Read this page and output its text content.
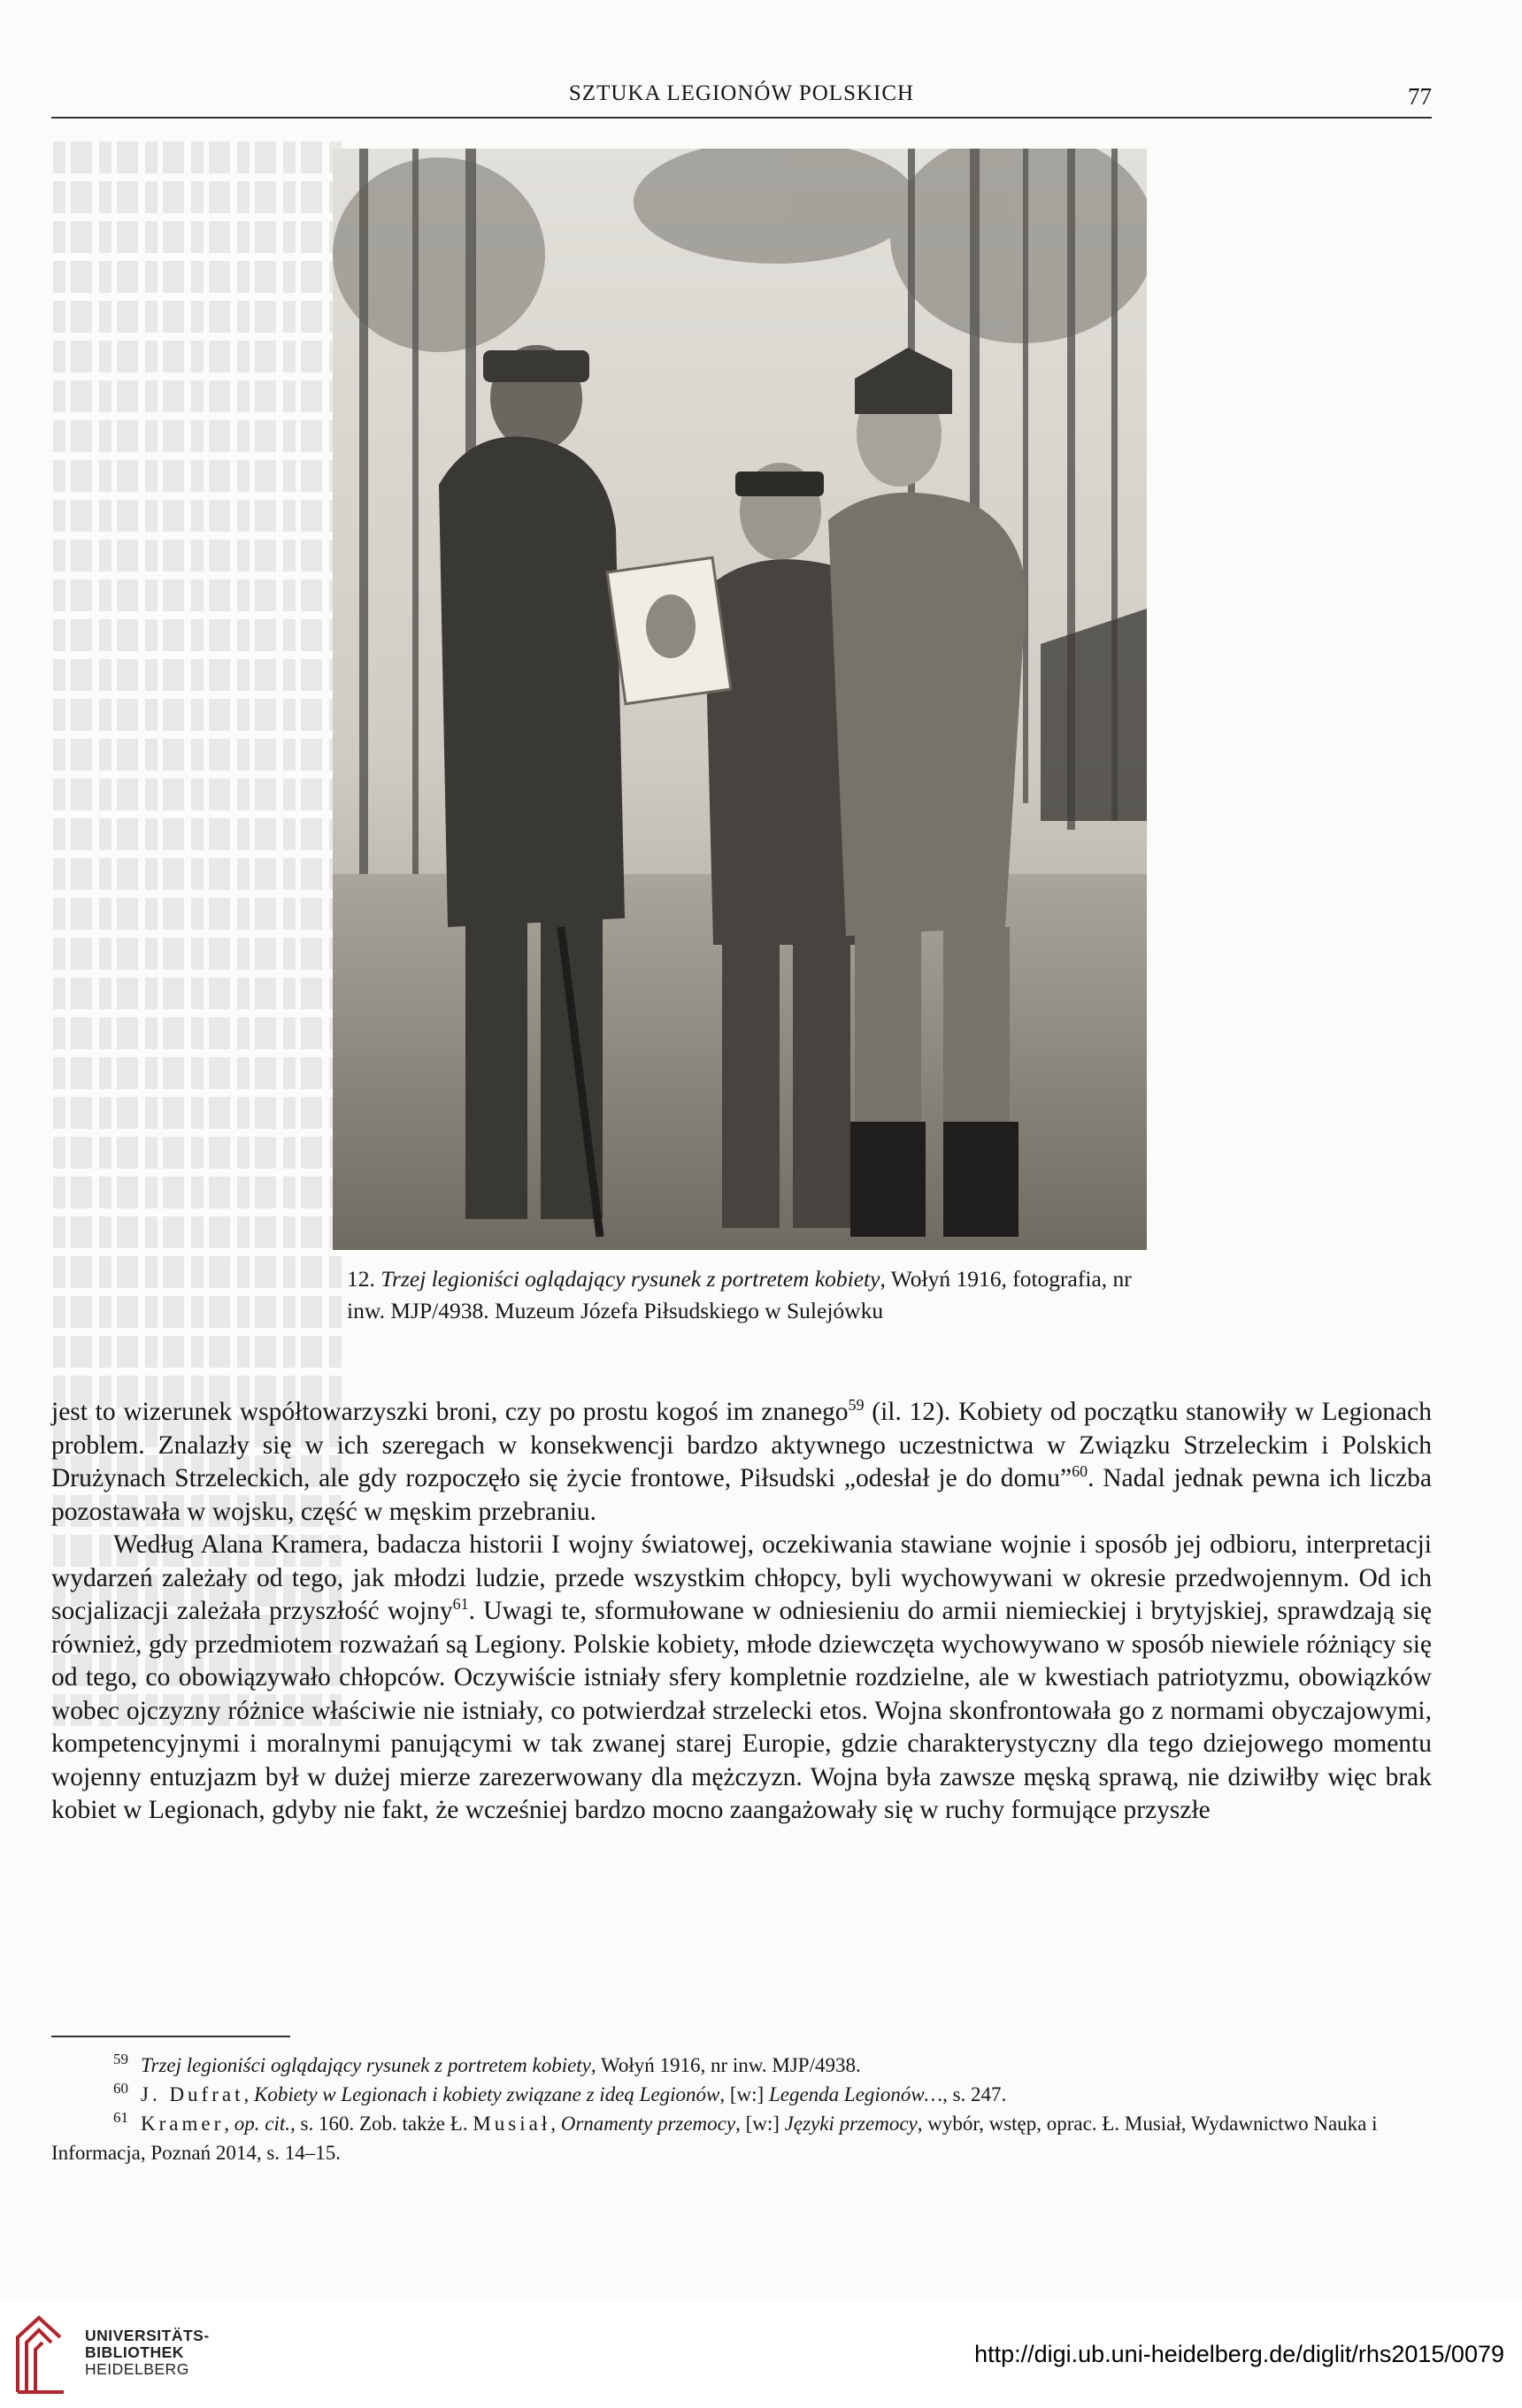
SZTUKA LEGIONÓW POLSKICH	77
12. Trzej legioniści oglądający rysunek z portretem kobiety, Wołyń 1916, fotografia, nr inw. MJP/4938. Muzeum Józefa Piłsudskiego w Sulejówku

jest to wizerunek współtowarzyszki broni, czy po prostu kogoś im znanego$^{59}$ (il. 12). Kobiety od początku stanowiły w Legionach problem. Znalazły się w ich szeregach w konsekwencji bardzo aktywnego uczestnictwa w Związku Strzeleckim i Polskich Drużynach Strzeleckich, ale gdy rozpoczęło się życie frontowe, Piłsudski „odesłał je do domu”$^{60}$. Nadal jednak pewna ich liczba pozostawała w wojsku, część w męskim przebraniu.

Według Alana Kramera, badacza historii I wojny światowej, oczekiwania stawiane wojnie i sposób jej odbioru, interpretacji wydarzeń zależały od tego, jak młodzi ludzie, przede wszystkim chłopcy, byli wychowywani w okresie przedwojennym. Od ich socjalizacji zależała przyszłość wojny$^{61}$. Uwagi te, sformułowane w odniesieniu do armii niemieckiej i brytyjskiej, sprawdzają się również, gdy przedmiotem rozważań są Legiony. Polskie kobiety, młode dziewczęta wychowywano w sposób niewiele różniący się od tego, co obowiązywało chłopców. Oczywiście istniały sfery kompletnie rozdzielne, ale w kwestiach patriotyzmu, obowiązków wobec ojczyzny różnice właściwie nie istniały, co potwierdzał strzelecki etos. Wojna skonfrontowała go z normami obyczajowymi, kompetencyjnymi i moralnymi panującymi w tak zwanej starej Europie, gdzie charakterystyczny dla tego dziejowego momentu wojenny entuzjazm był w dużej mierze zarezerwowany dla mężczyzn. Wojna była zawsze męską sprawą, nie dziwiłby więc brak kobiet w Legionach, gdyby nie fakt, że wcześniej bardzo mocno zaangażowały się w ruchy formujące przyszłe

$^{59}$ Trzej legioniści oglądający rysunek z portretem kobiety, Wołyń 1916, nr inw. MJP/4938.
$^{60}$ J. Dufrat, Kobiety w Legionach i kobiety związane z ideą Legionów, [w:] Legenda Legionów…, s. 247.
$^{61}$ Kramer, op. cit., s. 160. Zob. także Ł. Musiał, Ornamenty przemocy, [w:] Języki przemocy, wybór, wstęp, oprac. Ł. Musiał, Wydawnictwo Nauka i Informacja, Poznań 2014, s. 14–15.
UNIVERSITÄTS-
BIBLIOTHEK
HEIDELBERG
http://digi.ub.uni-heidelberg.de/diglit/rhs2015/0079
